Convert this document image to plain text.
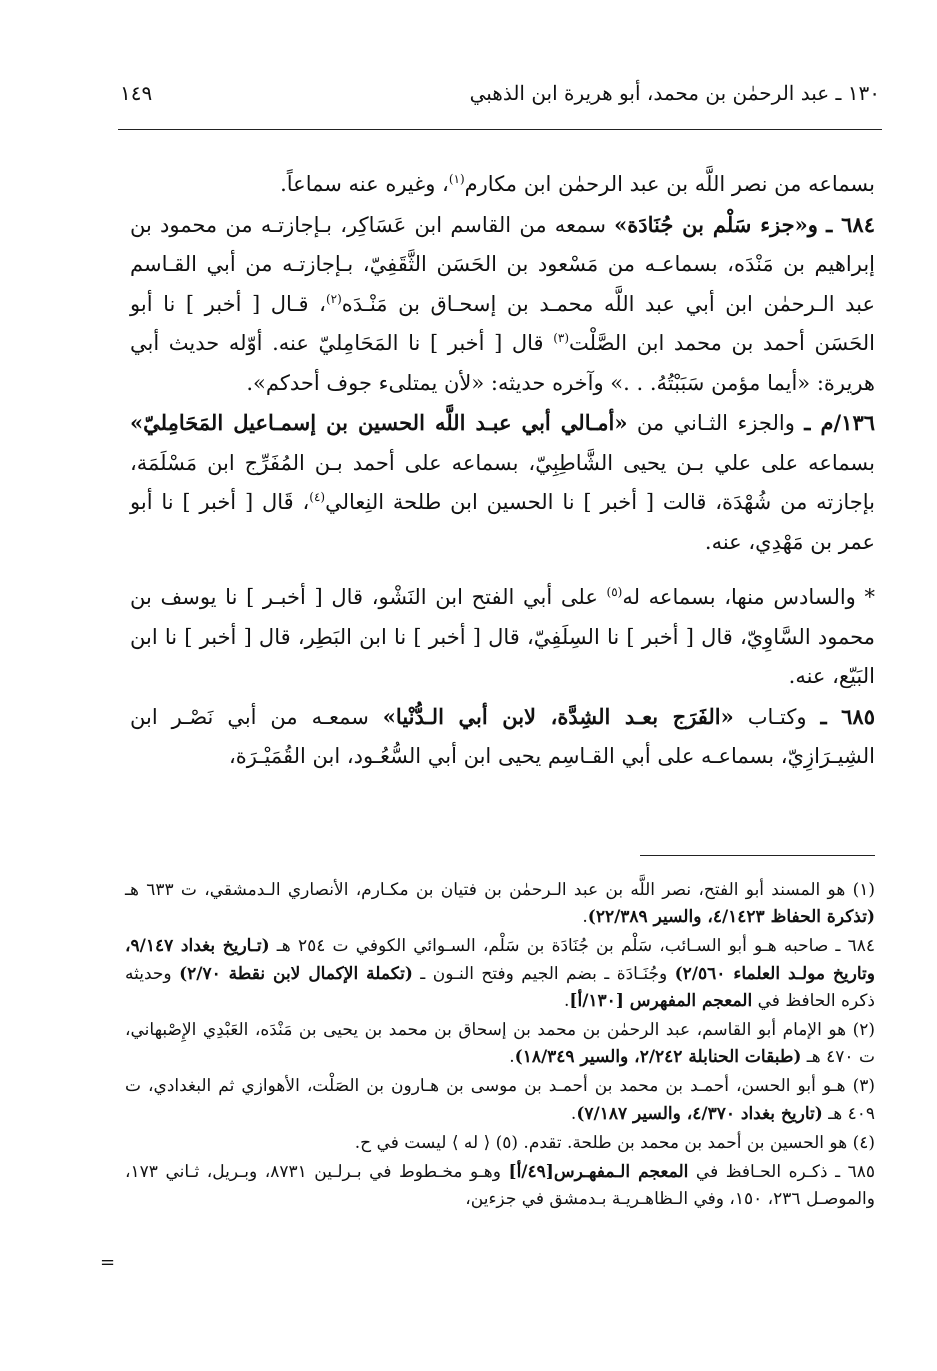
١٣٠ ـ عبد الرحمٰن بن محمد، أبو هريرة ابن الذهبي
١٤٩

بسماعه من نصر اللَّه بن عبد الرحمٰن ابن مكارم$^{(١)}$، وغيره عنه سماعاً.

٦٨٤ ـ و«جزء سَلْم بن جُنَادَة» سمعه من القاسم ابن عَسَاكِر، بـإجازتـه من محمود بن إبراهيم بن مَنْدَه، بسماعـه من مَسْعود بن الحَسَن الثَّقَفِيّ، بـإجازتـه من أبي القـاسم عبد الـرحمٰن ابن أبي عبد اللَّه محمـد بن إسحـاق بن مَنْـدَه$^{(٢)}$، قـال [ أخبر ] نا أبو الحَسَن أحمد بن محمد ابن الصَّلْت$^{(٣)}$ قال [ أخبر ] نا المَحَامِليّ عنه. أوّله حديث أبي هريرة: «أيما مؤمن سَبَبْتُهُ. . .» وآخره حديثه: «لأن يمتلىء جوف أحدكم».

١٣٦/م ـ والجزء الثـاني من «أمـالي أبي عبـد اللَّه الحسين بن إسمـاعيل المَحَامِليّ» بسماعه على علي بـن يحيى الشَّاطِبِيّ، بسماعه على أحمد بـن المُفَرِّج ابن مَسْلَمَة، بإجازته من شُهْدَة، قالت [ أخبر ] نا الحسين ابن طلحة النِعالي$^{(٤)}$، قَال [ أخبر ] نا أبو عمر بن مَهْدِي، عنه.

* والسادس منها، بسماعه له$^{(٥)}$ على أبي الفتح ابن النَشْو، قال [ أخبـر ] نا يوسف بن محمود السَّاوِيّ، قال [ أخبر ] نا السِلَفِيّ، قال [ أخبر ] نا ابن البَطِر، قال [ أخبر ] نا ابن البَيّع، عنه.

٦٨٥ ـ وكتـاب «الفَرَج بعـد الشِدَّة، لابن أبي الـدُّنْيا» سمعـه من أبي نَصْـر ابن الشِيـرَازِيّ، بسماعـه على أبي القـاسِم يحيى ابن أبي السُّعُـود، ابن القُمَيْـرَة،

(١) هو المسند أبو الفتح، نصر اللَّه بن عبد الـرحمٰن بن فتيان بن مكـارم، الأنصاري الـدمشقي، ت ٦٣٣ هـ (تذكرة الحفاظ ٤/١٤٢٣، والسير ٢٢/٣٨٩).

٦٨٤ ـ صاحبه هـو أبو السـائب، سَلْم بن جُنَادَة بن سَلْم، السـوائي الكوفي ت ٢٥٤ هـ (تـاريخ بغداد ٩/١٤٧، وتاريخ مولـد العلماء ٢/٥٦٠) وجُنَـادَة ـ بضم الجيم وفتح النـون ـ (تكملة الإكمال لابن نقطة ٢/٧٠) وحديثه ذكره الحافظ في المعجم المفهرس [١٣٠/أ].

(٢) هو الإمام أبو القاسم، عبد الرحمٰن بن محمد بن إسحاق بن محمد بن يحيى بن مَنْدَه، العَبْدِي الإِصْبهاني، ت ٤٧٠ هـ (طبقات الحنابلة ٢/٢٤٢، والسير ١٨/٣٤٩).

(٣) هـو أبو الحسن، أحمـد بن محمد بن أحمـد بن موسى بن هـارون بن الصَلْت، الأهوازي ثم البغدادي، ت ٤٠٩ هـ (تاريخ بغداد ٤/٣٧٠، والسير ٧/١٨٧).

(٤) هو الحسين بن أحمد بن محمد بن طلحة. تقدم. (٥) ⟨ له ⟩ ليست في ح.

٦٨٥ ـ ذكـره الحـافظ في المعجم الـمفهـرس[٤٩/أ] وهـو مخـطوط في بـرلـين ٨٧٣١، وبـريل، ثـاني ١٧٣، والموصـل ٢٣٦، ١٥٠، وفي الـظاهـريـة بـدمشق في جزءين،

=
